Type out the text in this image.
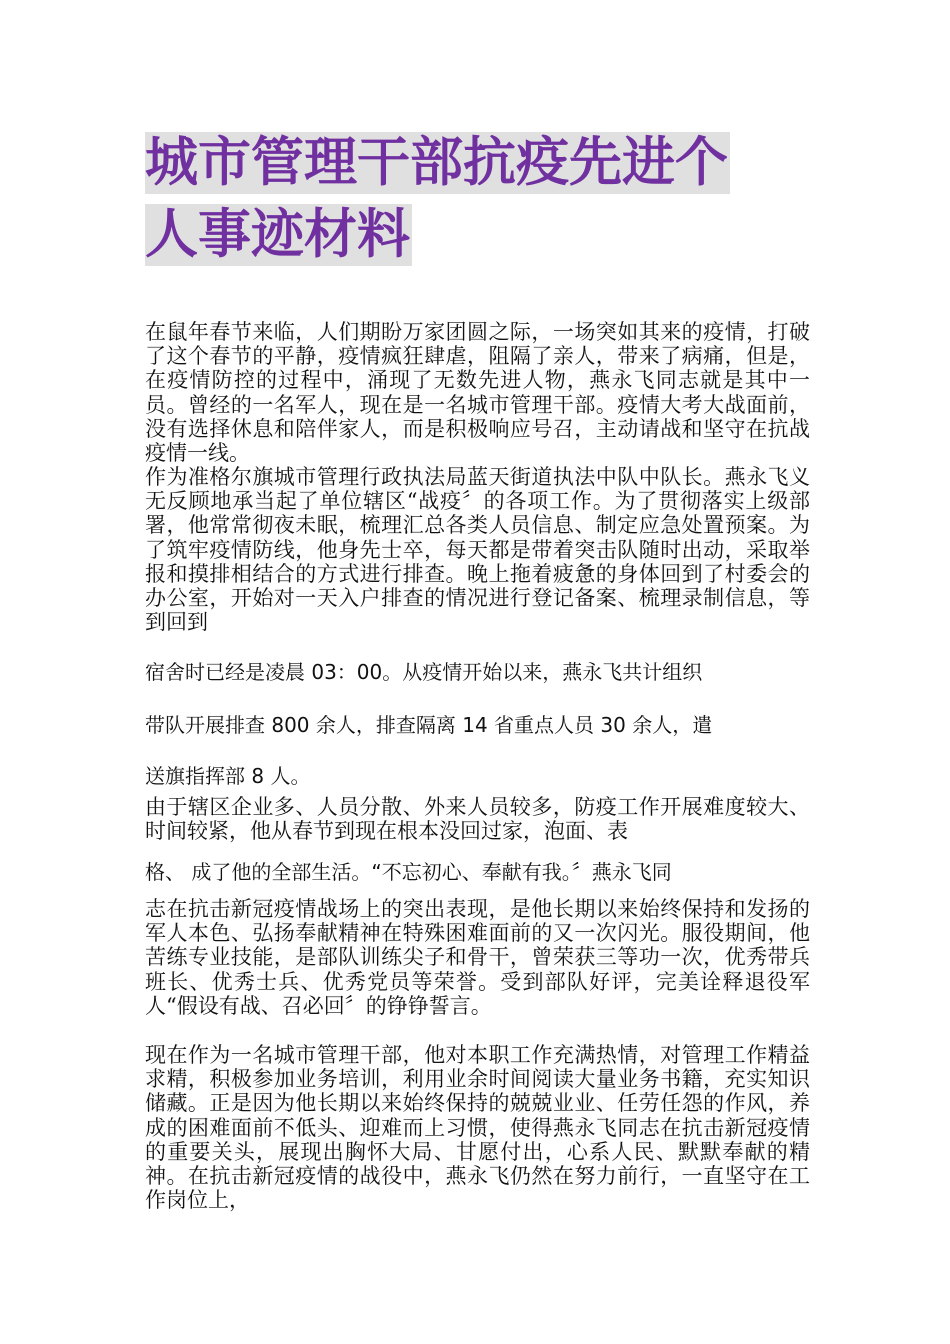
城市管理干部抗疫先进个
人事迹材料
在鼠年春节来临，人们期盼万家团圆之际，一场突如其来的疫情，打破了这个春节的平静，疫情疯狂肆虐，阻隔了亲人，带来了病痛，但是，在疫情防控的过程中，涌现了无数先进人物，燕永飞同志就是其中一员。曾经的一名军人，现在是一名城市管理干部。疫情大考大战面前，没有选择休息和陪伴家人，而是积极响应号召，主动请战和坚守在抗战疫情一线。
作为准格尔旗城市管理行政执法局蓝天街道执法中队中队长。燕永飞义无反顾地承当起了单位辖区“战疫〞的各项工作。为了贯彻落实上级部署，他常常彻夜未眠，梳理汇总各类人员信息、制定应急处置预案。为了筑牢疫情防线，他身先士卒，每天都是带着突击队随时出动，采取举报和摸排相结合的方式进行排查。晚上拖着疲惫的身体回到了村委会的办公室，开始对一天入户排查的情况进行登记备案、梳理录制信息，等到回到
宿舍时已经是凌晨 03：00。从疫情开始以来，燕永飞共计组织
带队开展排查 800 余人，排查隔离 14 省重点人员 30 余人，遣
送旗指挥部 8 人。
由于辖区企业多、人员分散、外来人员较多，防疫工作开展难度较大、时间较紧，他从春节到现在根本没回过家，泡面、表
格、 成了他的全部生活。“不忘初心、奉献有我。〞燕永飞同
志在抗击新冠疫情战场上的突出表现，是他长期以来始终保持和发扬的军人本色、弘扬奉献精神在特殊困难面前的又一次闪光。服役期间，他苦练专业技能，是部队训练尖子和骨干，曾荣获三等功一次，优秀带兵班长、优秀士兵、优秀党员等荣誉。受到部队好评，完美诠释退役军人“假设有战、召必回〞的铮铮誓言。
现在作为一名城市管理干部，他对本职工作充满热情，对管理工作精益求精，积极参加业务培训，利用业余时间阅读大量业务书籍，充实知识储藏。正是因为他长期以来始终保持的兢兢业业、任劳任怨的作风，养成的困难面前不低头、迎难而上习惯，使得燕永飞同志在抗击新冠疫情的重要关头，展现出胸怀大局、甘愿付出，心系人民、默默奉献的精神。在抗击新冠疫情的战役中，燕永飞仍然在努力前行，一直坚守在工作岗位上，
